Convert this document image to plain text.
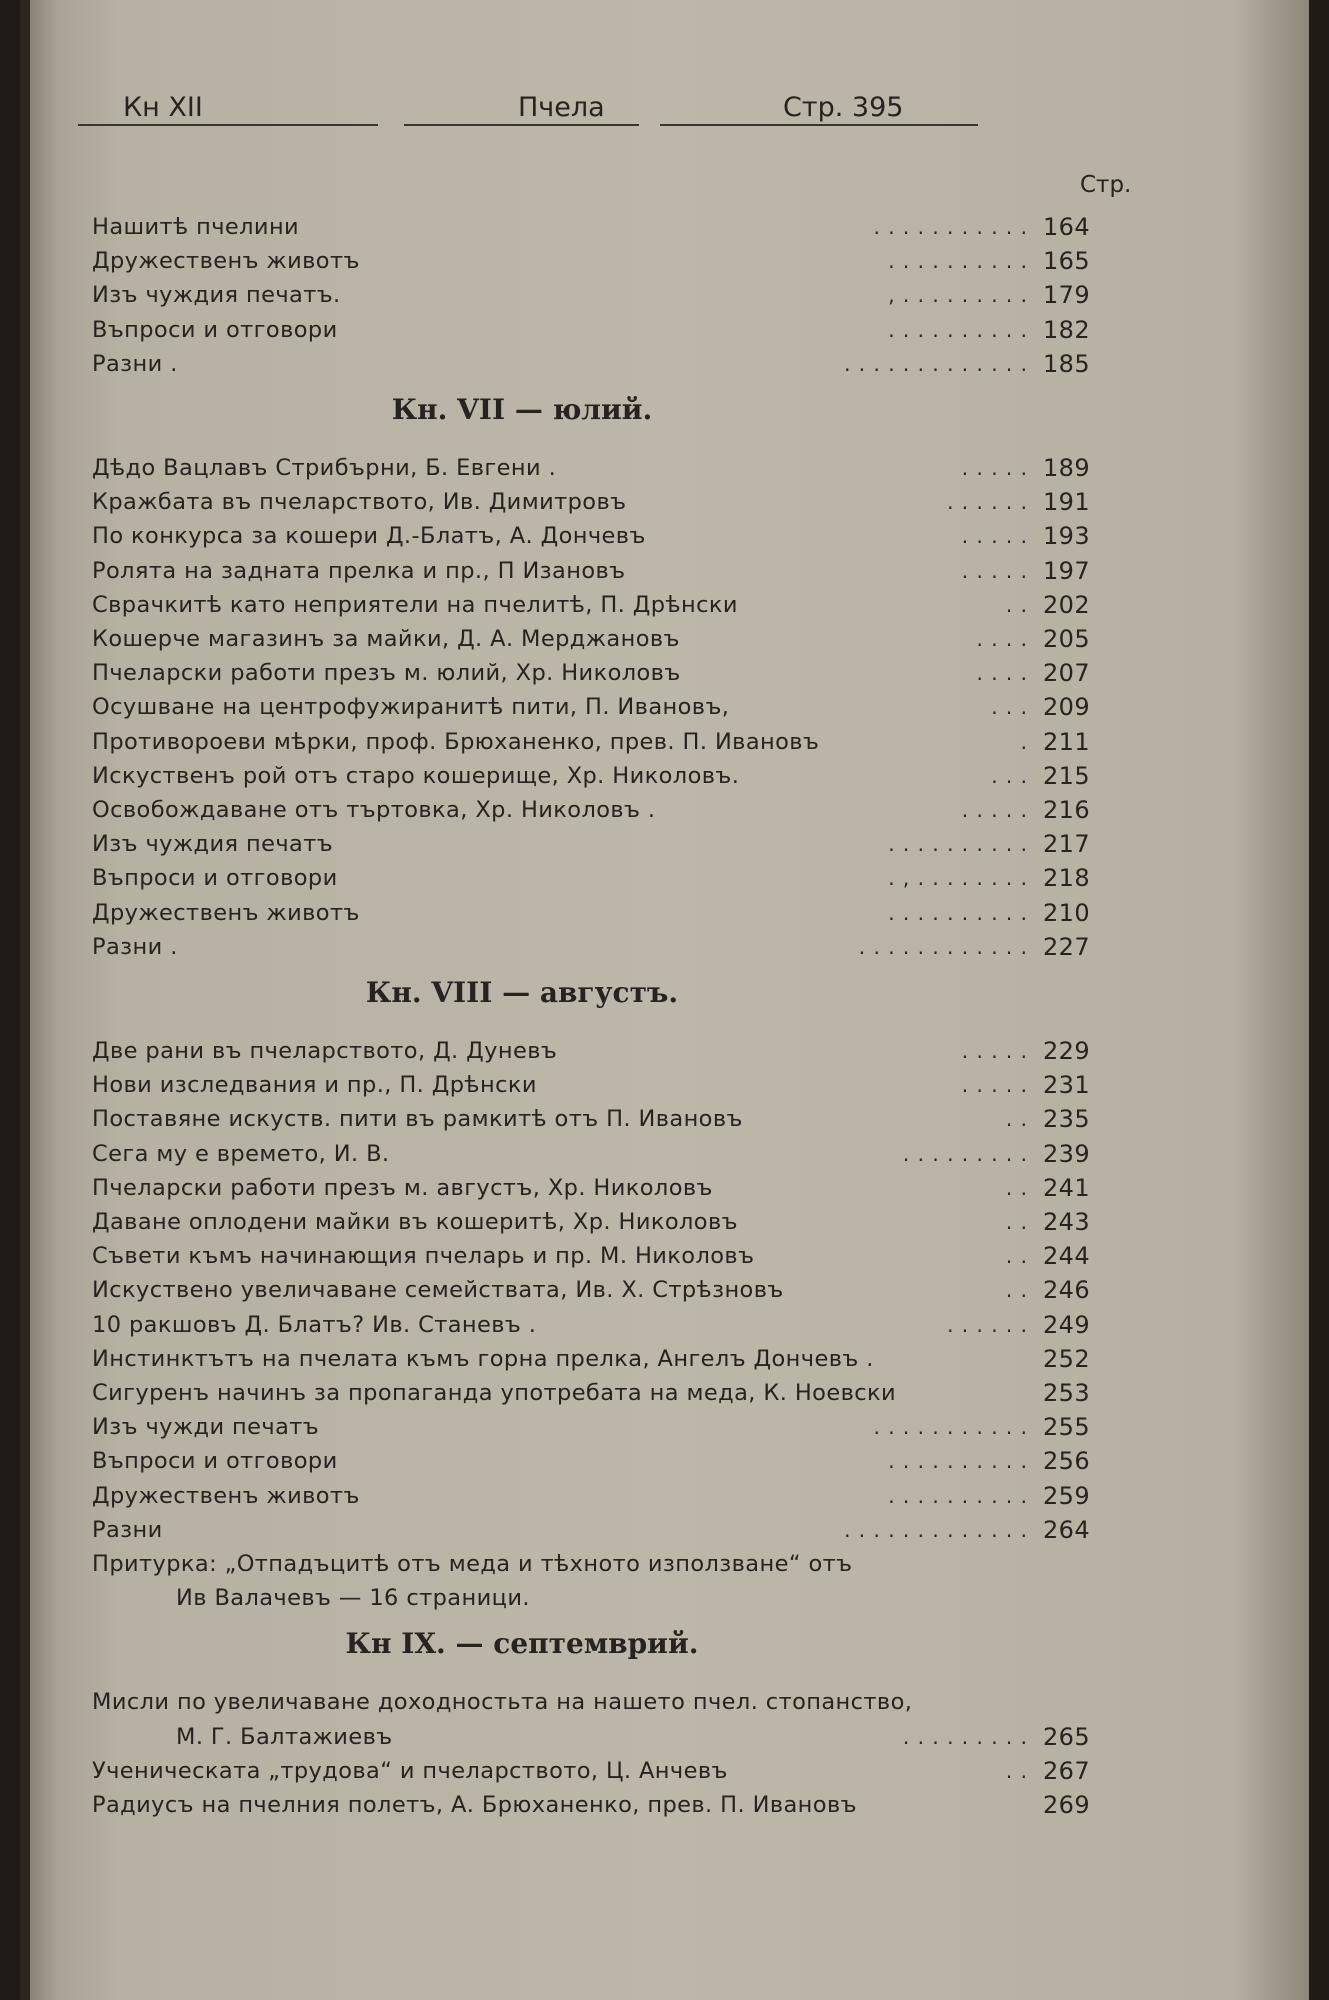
Кн XII	Пчела	Стр. 395
Стр.
Нашитѣ пчелини	. . . . . . . . . . . 164
Дружественъ животъ	. . . . . . . . . . 165
Изъ чуждия печатъ.	, . . . . . . . . . 179
Въпроси и отговори	. . . . . . . . . . 182
Разни .	. . . . . . . . . . . . . 185
Кн. VII — юлий.
Дѣдо Вацлавъ Стрибърни, Б. Евгени .	. . . . . 189
Кражбата въ пчеларството, Ив. Димитровъ	. . . . . . 191
По конкурса за кошери Д.-Блатъ, А. Дончевъ	. . . . . 193
Ролята на задната прелка и пр., П Изановъ	. . . . . 197
Сврачкитѣ като неприятели на пчелитѣ, П. Дрѣнски	. . 202
Кошерче магазинъ за майки, Д. А. Мерджановъ	. . . . 205
Пчеларски работи презъ м. юлий, Хр. Николовъ	. . . . 207
Осушване на центрофужиранитѣ пити, П. Ивановъ,	. . . 209
Противороеви мѣрки, проф. Брюханенко, прев. П. Ивановъ	. 211
Искуственъ рой отъ старо кошерище, Хр. Николовъ.	. . . 215
Освобождаване отъ търтовка, Хр. Николовъ .	. . . . . 216
Изъ чуждия печатъ	. . . . . . . . . . 217
Въпроси и отговори	. , . . . . . . . . 218
Дружественъ животъ	. . . . . . . . . . 210
Разни .	. . . . . . . . . . . . 227
Кн. VIII — августъ.
Две рани въ пчеларството, Д. Дуневъ	. . . . . 229
Нови изследвания и пр., П. Дрѣнски	. . . . . 231
Поставяне искуств. пити въ рамкитѣ отъ П. Ивановъ	. . 235
Сега му е времето, И. В.	. . . . . . . . . 239
Пчеларски работи презъ м. августъ, Хр. Николовъ	. . 241
Даване оплодени майки въ кошеритѣ, Хр. Николовъ	. . 243
Съвети къмъ начинающия пчеларь и пр. М. Николовъ	. . 244
Искуствено увеличаване семействата, Ив. Х. Стрѣзновъ	. . 246
10 ракшовъ Д. Блатъ? Ив. Станевъ .	. . . . . . 249
Инстинктътъ на пчелата къмъ горна прелка, Ангелъ Дончевъ .	252
Сигуренъ начинъ за пропаганда употребата на меда, К. Ноевски	253
Изъ чужди печатъ	. . . . . . . . . . . 255
Въпроси и отговори	. . . . . . . . . . 256
Дружественъ животъ	. . . . . . . . . . 259
Разни	. . . . . . . . . . . . . 264
Притурка: „Отпадъцитѣ отъ меда и тѣхното използване“ отъ
Ив Валачевъ — 16 страници.
Кн IX. — септемврий.
Мисли по увеличаване доходностьта на нашето пчел. стопанство,
М. Г. Балтажиевъ	. . . . . . . . . 265
Ученическата „трудова“ и пчеларството, Ц. Анчевъ	. . 267
Радиусъ на пчелния полетъ, А. Брюханенко, прев. П. Ивановъ	269
